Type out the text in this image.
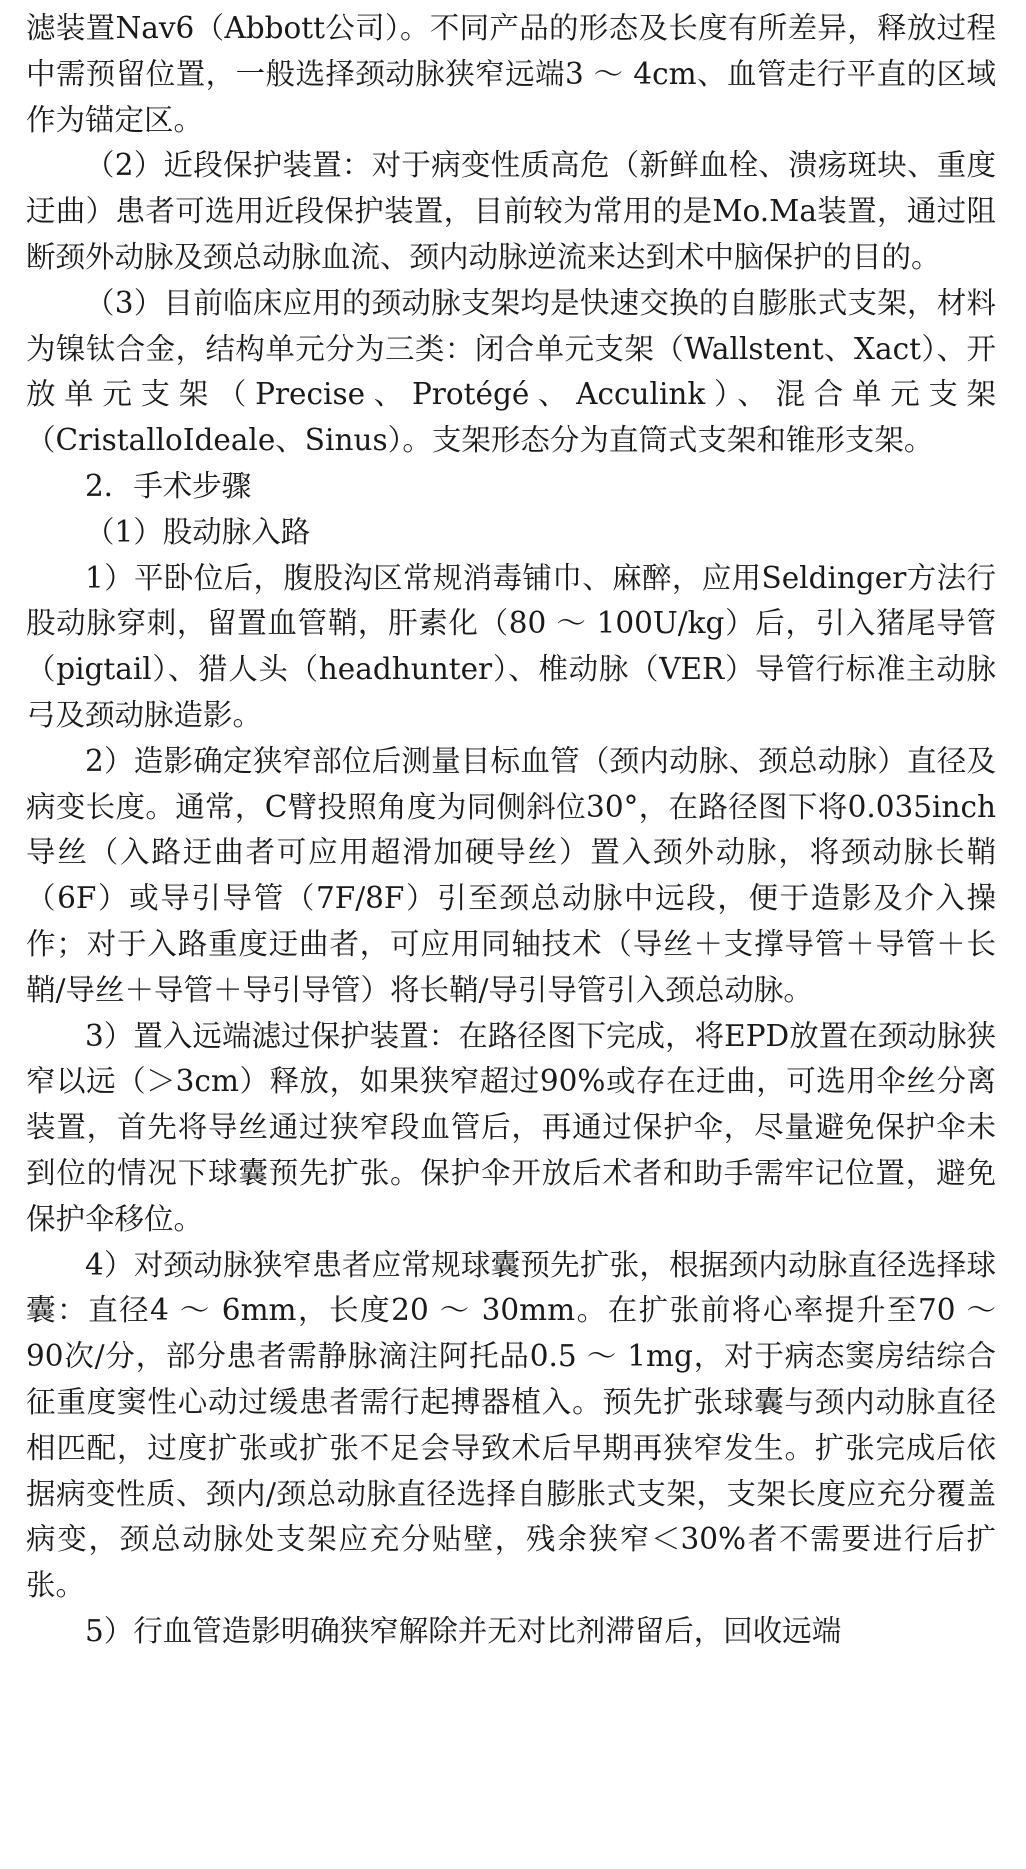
滤装置Nav6（Abbott公司）。不同产品的形态及长度有所差异，释放过程中需预留位置，一般选择颈动脉狭窄远端3 ～ 4cm、血管走行平直的区域作为锚定区。

（2）近段保护装置：对于病变性质高危（新鲜血栓、溃疡斑块、重度迂曲）患者可选用近段保护装置，目前较为常用的是Mo.Ma装置，通过阻断颈外动脉及颈总动脉血流、颈内动脉逆流来达到术中脑保护的目的。

（3）目前临床应用的颈动脉支架均是快速交换的自膨胀式支架，材料为镍钛合金，结构单元分为三类：闭合单元支架（Wallstent、Xact）、开放单元支架（Precise、Protégé、Acculink）、混合单元支架（CristalloIdeale、Sinus）。支架形态分为直筒式支架和锥形支架。

2．手术步骤

（1）股动脉入路

1）平卧位后，腹股沟区常规消毒铺巾、麻醉，应用Seldinger方法行股动脉穿刺，留置血管鞘，肝素化（80 ～ 100U/kg）后，引入猪尾导管（pigtail）、猎人头（headhunter）、椎动脉（VER）导管行标准主动脉弓及颈动脉造影。

2）造影确定狭窄部位后测量目标血管（颈内动脉、颈总动脉）直径及病变长度。通常，C臂投照角度为同侧斜位30°，在路径图下将0.035inch导丝（入路迂曲者可应用超滑加硬导丝）置入颈外动脉，将颈动脉长鞘（6F）或导引导管（7F/8F）引至颈总动脉中远段，便于造影及介入操作；对于入路重度迂曲者，可应用同轴技术（导丝＋支撑导管＋导管＋长鞘/导丝＋导管＋导引导管）将长鞘/导引导管引入颈总动脉。

3）置入远端滤过保护装置：在路径图下完成，将EPD放置在颈动脉狭窄以远（＞3cm）释放，如果狭窄超过90%或存在迂曲，可选用伞丝分离装置，首先将导丝通过狭窄段血管后，再通过保护伞，尽量避免保护伞未到位的情况下球囊预先扩张。保护伞开放后术者和助手需牢记位置，避免保护伞移位。

4）对颈动脉狭窄患者应常规球囊预先扩张，根据颈内动脉直径选择球囊：直径4 ～ 6mm，长度20 ～ 30mm。在扩张前将心率提升至70 ～ 90次/分，部分患者需静脉滴注阿托品0.5 ～ 1mg，对于病态窦房结综合征重度窦性心动过缓患者需行起搏器植入。预先扩张球囊与颈内动脉直径相匹配，过度扩张或扩张不足会导致术后早期再狭窄发生。扩张完成后依据病变性质、颈内/颈总动脉直径选择自膨胀式支架，支架长度应充分覆盖病变，颈总动脉处支架应充分贴壁，残余狭窄＜30%者不需要进行后扩张。

5）行血管造影明确狭窄解除并无对比剂滞留后，回收远端
